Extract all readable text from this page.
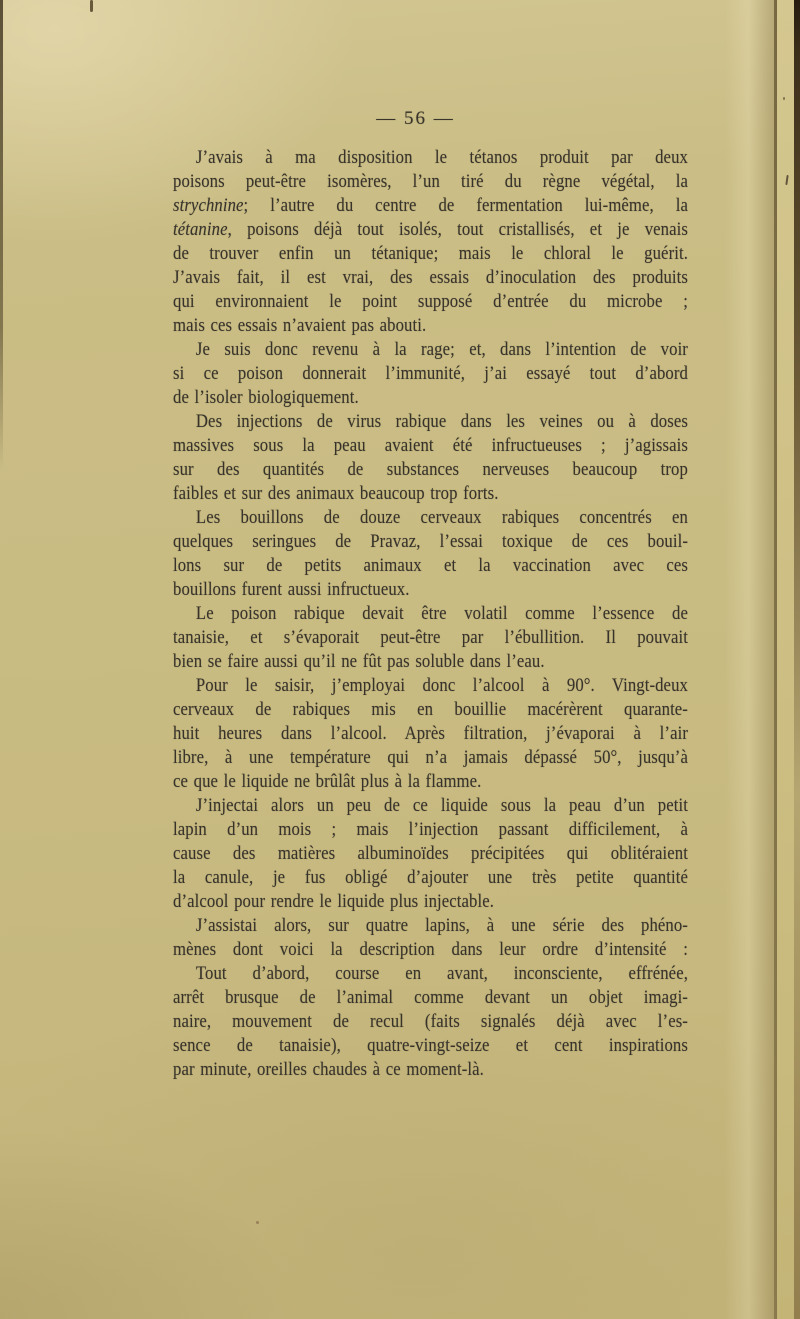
— 56 —
J’avais à ma disposition le tétanos produit par deux
poisons peut-être isomères, l’un tiré du règne végétal, la
strychnine; l’autre du centre de fermentation lui-même, la
tétanine, poisons déjà tout isolés, tout cristallisés, et je venais
de trouver enfin un tétanique; mais le chloral le guérit.
J’avais fait, il est vrai, des essais d’inoculation des produits
qui environnaient le point supposé d’entrée du microbe ;
mais ces essais n’avaient pas abouti.
Je suis donc revenu à la rage; et, dans l’intention de voir
si ce poison donnerait l’immunité, j’ai essayé tout d’abord
de l’isoler biologiquement.
Des injections de virus rabique dans les veines ou à doses
massives sous la peau avaient été infructueuses ; j’agissais
sur des quantités de substances nerveuses beaucoup trop
faibles et sur des animaux beaucoup trop forts.
Les bouillons de douze cerveaux rabiques concentrés en
quelques seringues de Pravaz, l’essai toxique de ces bouil-
lons sur de petits animaux et la vaccination avec ces
bouillons furent aussi infructueux.
Le poison rabique devait être volatil comme l’essence de
tanaisie, et s’évaporait peut-être par l’ébullition. Il pouvait
bien se faire aussi qu’il ne fût pas soluble dans l’eau.
Pour le saisir, j’employai donc l’alcool à 90°. Vingt-deux
cerveaux de rabiques mis en bouillie macérèrent quarante-
huit heures dans l’alcool. Après filtration, j’évaporai à l’air
libre, à une température qui n’a jamais dépassé 50°, jusqu’à
ce que le liquide ne brûlât plus à la flamme.
J’injectai alors un peu de ce liquide sous la peau d’un petit
lapin d’un mois ; mais l’injection passant difficilement, à
cause des matières albuminoïdes précipitées qui oblitéraient
la canule, je fus obligé d’ajouter une très petite quantité
d’alcool pour rendre le liquide plus injectable.
J’assistai alors, sur quatre lapins, à une série des phéno-
mènes dont voici la description dans leur ordre d’intensité :
Tout d’abord, course en avant, inconsciente, effrénée,
arrêt brusque de l’animal comme devant un objet imagi-
naire, mouvement de recul (faits signalés déjà avec l’es-
sence de tanaisie), quatre-vingt-seize et cent inspirations
par minute, oreilles chaudes à ce moment-là.
